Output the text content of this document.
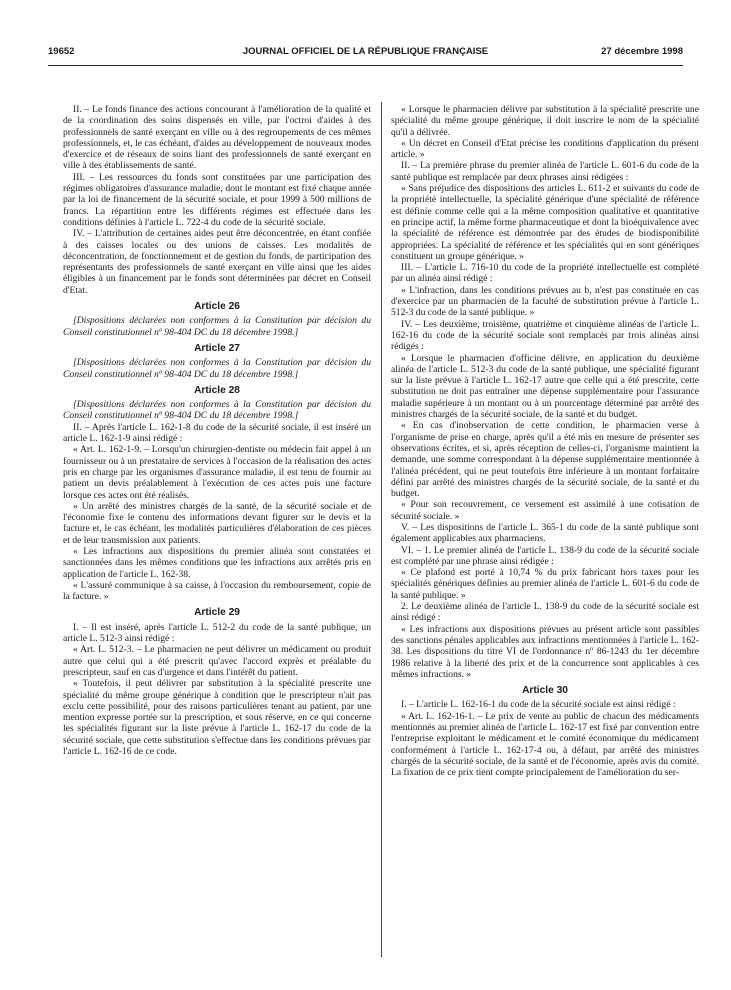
19652	JOURNAL OFFICIEL DE LA RÉPUBLIQUE FRANÇAISE	27 décembre 1998

II. – Le fonds finance des actions concourant à l'amélioration de la qualité et de la coordination des soins dispensés en ville, par l'octroi d'aides à des professionnels de santé exerçant en ville ou à des regroupements de ces mêmes professionnels, et, le cas échéant, d'aides au développement de nouveaux modes d'exercice et de réseaux de soins liant des professionnels de santé exerçant en ville à des établissements de santé.

III. – Les ressources du fonds sont constituées par une participation des régimes obligatoires d'assurance maladie, dont le montant est fixé chaque année par la loi de financement de la sécurité sociale, et pour 1999 à 500 millions de francs. La répartition entre les différents régimes est effectuée dans les conditions définies à l'article L. 722-4 du code de la sécurité sociale.

IV. – L'attribution de certaines aides peut être déconcentrée, en étant confiée à des caisses locales ou des unions de caisses. Les modalités de déconcentration, de fonctionnement et de gestion du fonds, de participation des représentants des professionnels de santé exerçant en ville ainsi que les aides éligibles à un financement par le fonds sont déterminées par décret en Conseil d'Etat.

Article 26

[Dispositions déclarées non conformes à la Constitution par décision du Conseil constitutionnel nº 98-404 DC du 18 décembre 1998.]

Article 27

[Dispositions déclarées non conformes à la Constitution par décision du Conseil constitutionnel nº 98-404 DC du 18 décembre 1998.]

Article 28

[Dispositions déclarées non conformes à la Constitution par décision du Conseil constitutionnel nº 98-404 DC du 18 décembre 1998.]

II. – Après l'article L. 162-1-8 du code de la sécurité sociale, il est inséré un article L. 162-1-9 ainsi rédigé :

« Art. L. 162-1-9. – Lorsqu'un chirurgien-dentiste ou médecin fait appel à un fournisseur ou à un prestataire de services à l'occasion de la réalisation des actes pris en charge par les organismes d'assurance maladie, il est tenu de fournir au patient un devis préalablement à l'exécution de ces actes puis une facture lorsque ces actes ont été réalisés.

« Un arrêté des ministres chargés de la santé, de la sécurité sociale et de l'économie fixe le contenu des informations devant figurer sur le devis et la facture et, le cas échéant, les modalités particulières d'élaboration de ces pièces et de leur transmission aux patients.

« Les infractions aux dispositions du premier alinéa sont constatées et sanctionnées dans les mêmes conditions que les infractions aux arrêtés pris en application de l'article L. 162-38.

« L'assuré communique à sa caisse, à l'occasion du remboursement, copie de la facture. »

Article 29

I. – Il est inséré, après l'article L. 512-2 du code de la santé publique, un article L. 512-3 ainsi rédigé :

« Art. L. 512-3. – Le pharmacien ne peut délivrer un médicament ou produit autre que celui qui a été prescrit qu'avec l'accord exprès et préalable du prescripteur, sauf en cas d'urgence et dans l'intérêt du patient.

« Toutefois, il peut délivrer par substitution à la spécialité prescrite une spécialité du même groupe générique à condition que le prescripteur n'ait pas exclu cette possibilité, pour des raisons particulières tenant au patient, par une mention expresse portée sur la prescription, et sous réserve, en ce qui concerne les spécialités figurant sur la liste prévue à l'article L. 162-17 du code de la sécurité sociale, que cette substitution s'effectue dans les conditions prévues par l'article L. 162-16 de ce code.

« Lorsque le pharmacien délivre par substitution à la spécialité prescrite une spécialité du même groupe générique, il doit inscrire le nom de la spécialité qu'il a délivrée.

« Un décret en Conseil d'Etat précise les conditions d'application du présent article. »

II. – La première phrase du premier alinéa de l'article L. 601-6 du code de la santé publique est remplacée par deux phrases ainsi rédigées :

« Sans préjudice des dispositions des articles L. 611-2 et suivants du code de la propriété intellectuelle, la spécialité générique d'une spécialité de référence est définie comme celle qui a la même composition qualitative et quantitative en principe actif, la même forme pharmaceutique et dont la bioéquivalence avec la spécialité de référence est démontrée par des études de biodisponibilité appropriées. La spécialité de référence et les spécialités qui en sont génériques constituent un groupe générique. »

III. – L'article L. 716-10 du code de la propriété intellectuelle est complété par un alinéa ainsi rédigé :

« L'infraction, dans les conditions prévues au b, n'est pas constituée en cas d'exercice par un pharmacien de la faculté de substitution prévue à l'article L. 512-3 du code de la santé publique. »

IV. – Les deuxième, troisième, quatrième et cinquième alinéas de l'article L. 162-16 du code de la sécurité sociale sont remplacés par trois alinéas ainsi rédigés :

« Lorsque le pharmacien d'officine délivre, en application du deuxième alinéa de l'article L. 512-3 du code de la santé publique, une spécialité figurant sur la liste prévue à l'article L. 162-17 autre que celle qui a été prescrite, cette substitution ne doit pas entraîner une dépense supplémentaire pour l'assurance maladie supérieure à un montant ou à un pourcentage déterminé par arrêté des ministres chargés de la sécurité sociale, de la santé et du budget.

« En cas d'inobservation de cette condition, le pharmacien verse à l'organisme de prise en charge, après qu'il a été mis en mesure de présenter ses observations écrites, et si, après réception de celles-ci, l'organisme maintient la demande, une somme correspondant à la dépense supplémentaire mentionnée à l'alinéa précédent, qui ne peut toutefois être inférieure à un montant forfaitaire défini par arrêté des ministres chargés de la sécurité sociale, de la santé et du budget.

« Pour son recouvrement, ce versement est assimilé à une cotisation de sécurité sociale. »

V. – Les dispositions de l'article L. 365-1 du code de la santé publique sont également applicables aux pharmaciens.

VI. – 1. Le premier alinéa de l'article L. 138-9 du code de la sécurité sociale est complété par une phrase ainsi rédigée :

« Ce plafond est porté à 10,74 % du prix fabricant hors taxes pour les spécialités génériques définies au premier alinéa de l'article L. 601-6 du code de la santé publique. »

2. Le deuxième alinéa de l'article L. 138-9 du code de la sécurité sociale est ainsi rédigé :

« Les infractions aux dispositions prévues au présent article sont passibles des sanctions pénales applicables aux infractions mentionnées à l'article L. 162-38. Les dispositions du titre VI de l'ordonnance nº 86-1243 du 1er décembre 1986 relative à la liberté des prix et de la concurrence sont applicables à ces mêmes infractions. »

Article 30

I. – L'article L. 162-16-1 du code de la sécurité sociale est ainsi rédigé :

« Art. L. 162-16-1. – Le prix de vente au public de chacun des médicaments mentionnés au premier alinéa de l'article L. 162-17 est fixé par convention entre l'entreprise exploitant le médicament et le comité économique du médicament conformément à l'article L. 162-17-4 ou, à défaut, par arrêté des ministres chargés de la sécurité sociale, de la santé et de l'économie, après avis du comité. La fixation de ce prix tient compte principalement de l'amélioration du ser-
